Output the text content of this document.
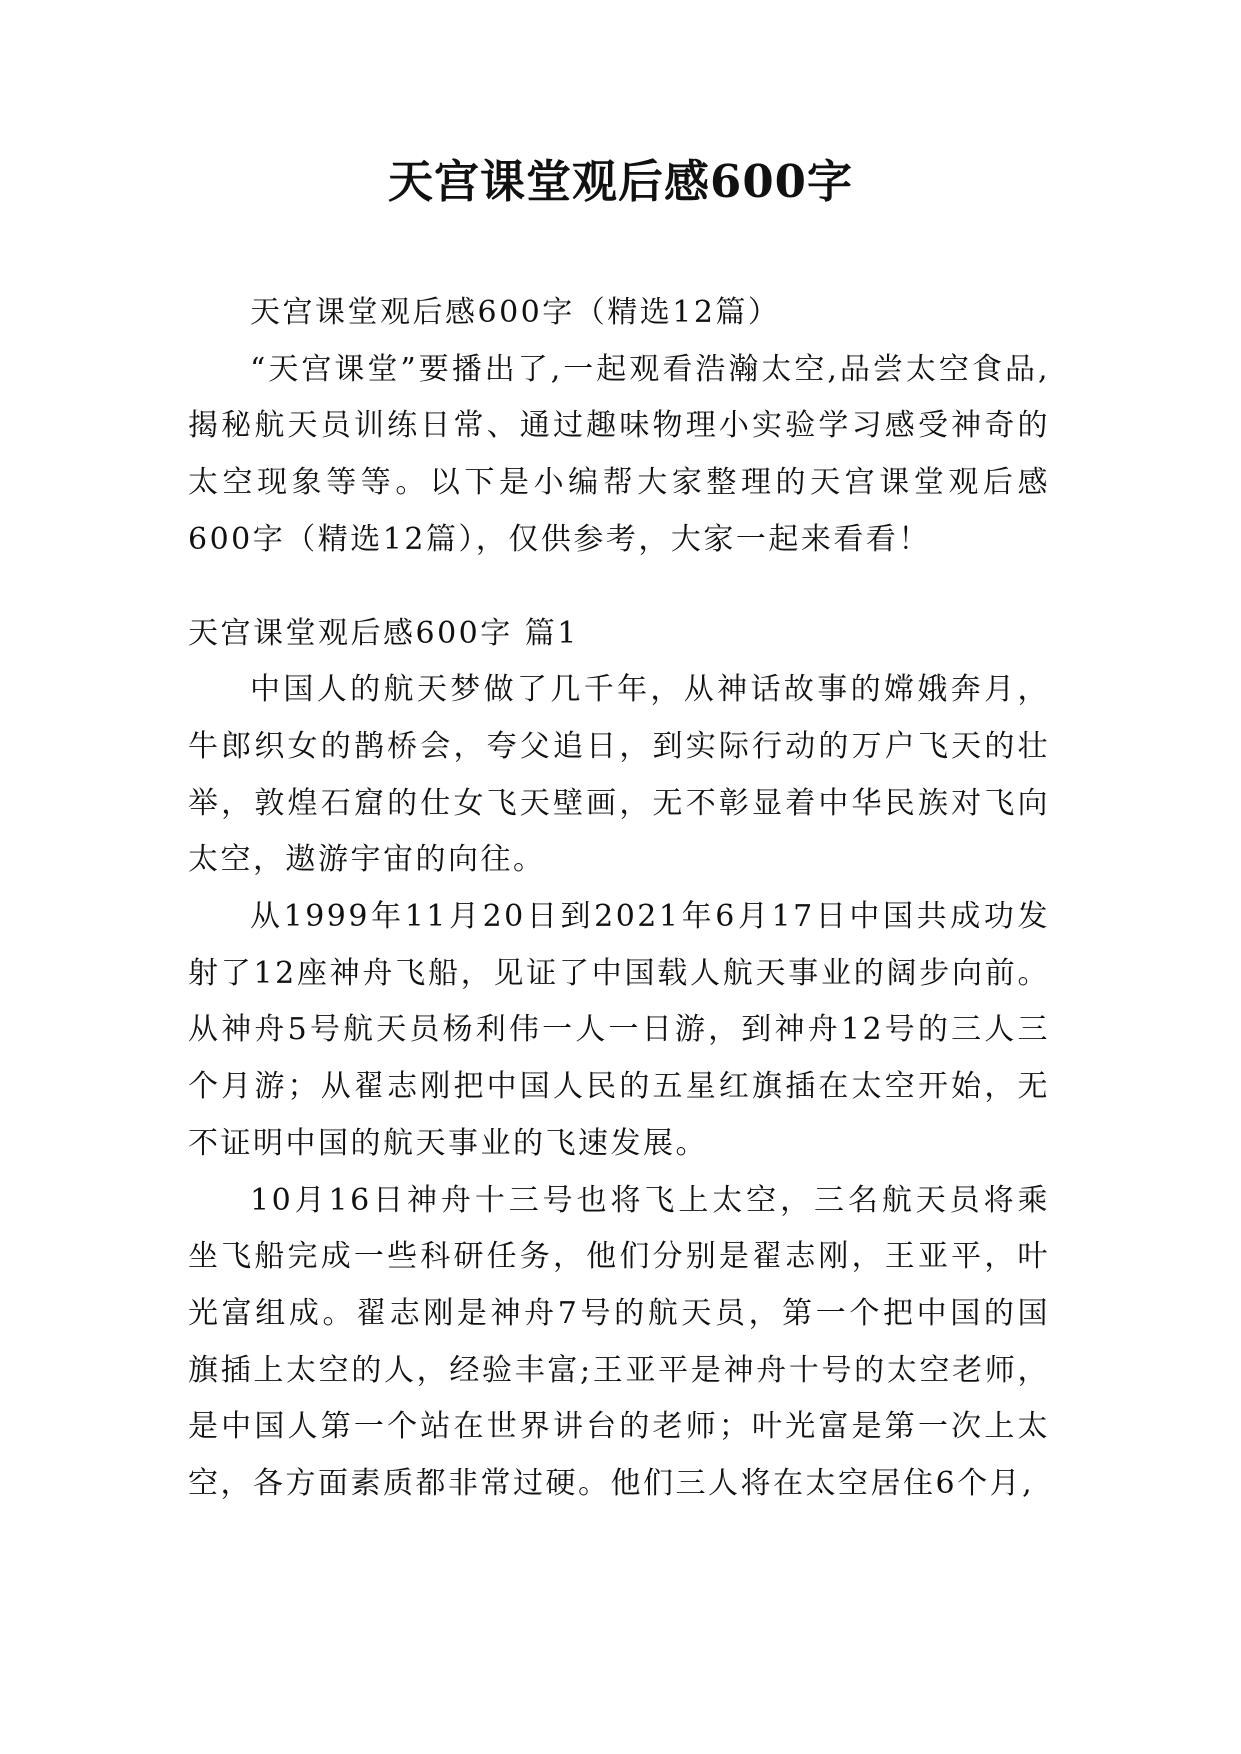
天宫课堂观后感600字

天宫课堂观后感600字（精选12篇）

“天宫课堂”要播出了,一起观看浩瀚太空,品尝太空食品,揭秘航天员训练日常、通过趣味物理小实验学习感受神奇的太空现象等等。以下是小编帮大家整理的天宫课堂观后感600字（精选12篇），仅供参考，大家一起来看看！

天宫课堂观后感600字 篇1

中国人的航天梦做了几千年，从神话故事的嫦娥奔月，牛郎织女的鹊桥会，夸父追日，到实际行动的万户飞天的壮举，敦煌石窟的仕女飞天壁画，无不彰显着中华民族对飞向太空，遨游宇宙的向往。

从1999年11月20日到2021年6月17日中国共成功发射了12座神舟飞船，见证了中国载人航天事业的阔步向前。从神舟5号航天员杨利伟一人一日游，到神舟12号的三人三个月游；从翟志刚把中国人民的五星红旗插在太空开始，无不证明中国的航天事业的飞速发展。

10月16日神舟十三号也将飞上太空，三名航天员将乘坐飞船完成一些科研任务，他们分别是翟志刚，王亚平，叶光富组成。翟志刚是神舟7号的航天员，第一个把中国的国旗插上太空的人，经验丰富;王亚平是神舟十号的太空老师，是中国人第一个站在世界讲台的老师；叶光富是第一次上太空，各方面素质都非常过硬。他们三人将在太空居住6个月,
